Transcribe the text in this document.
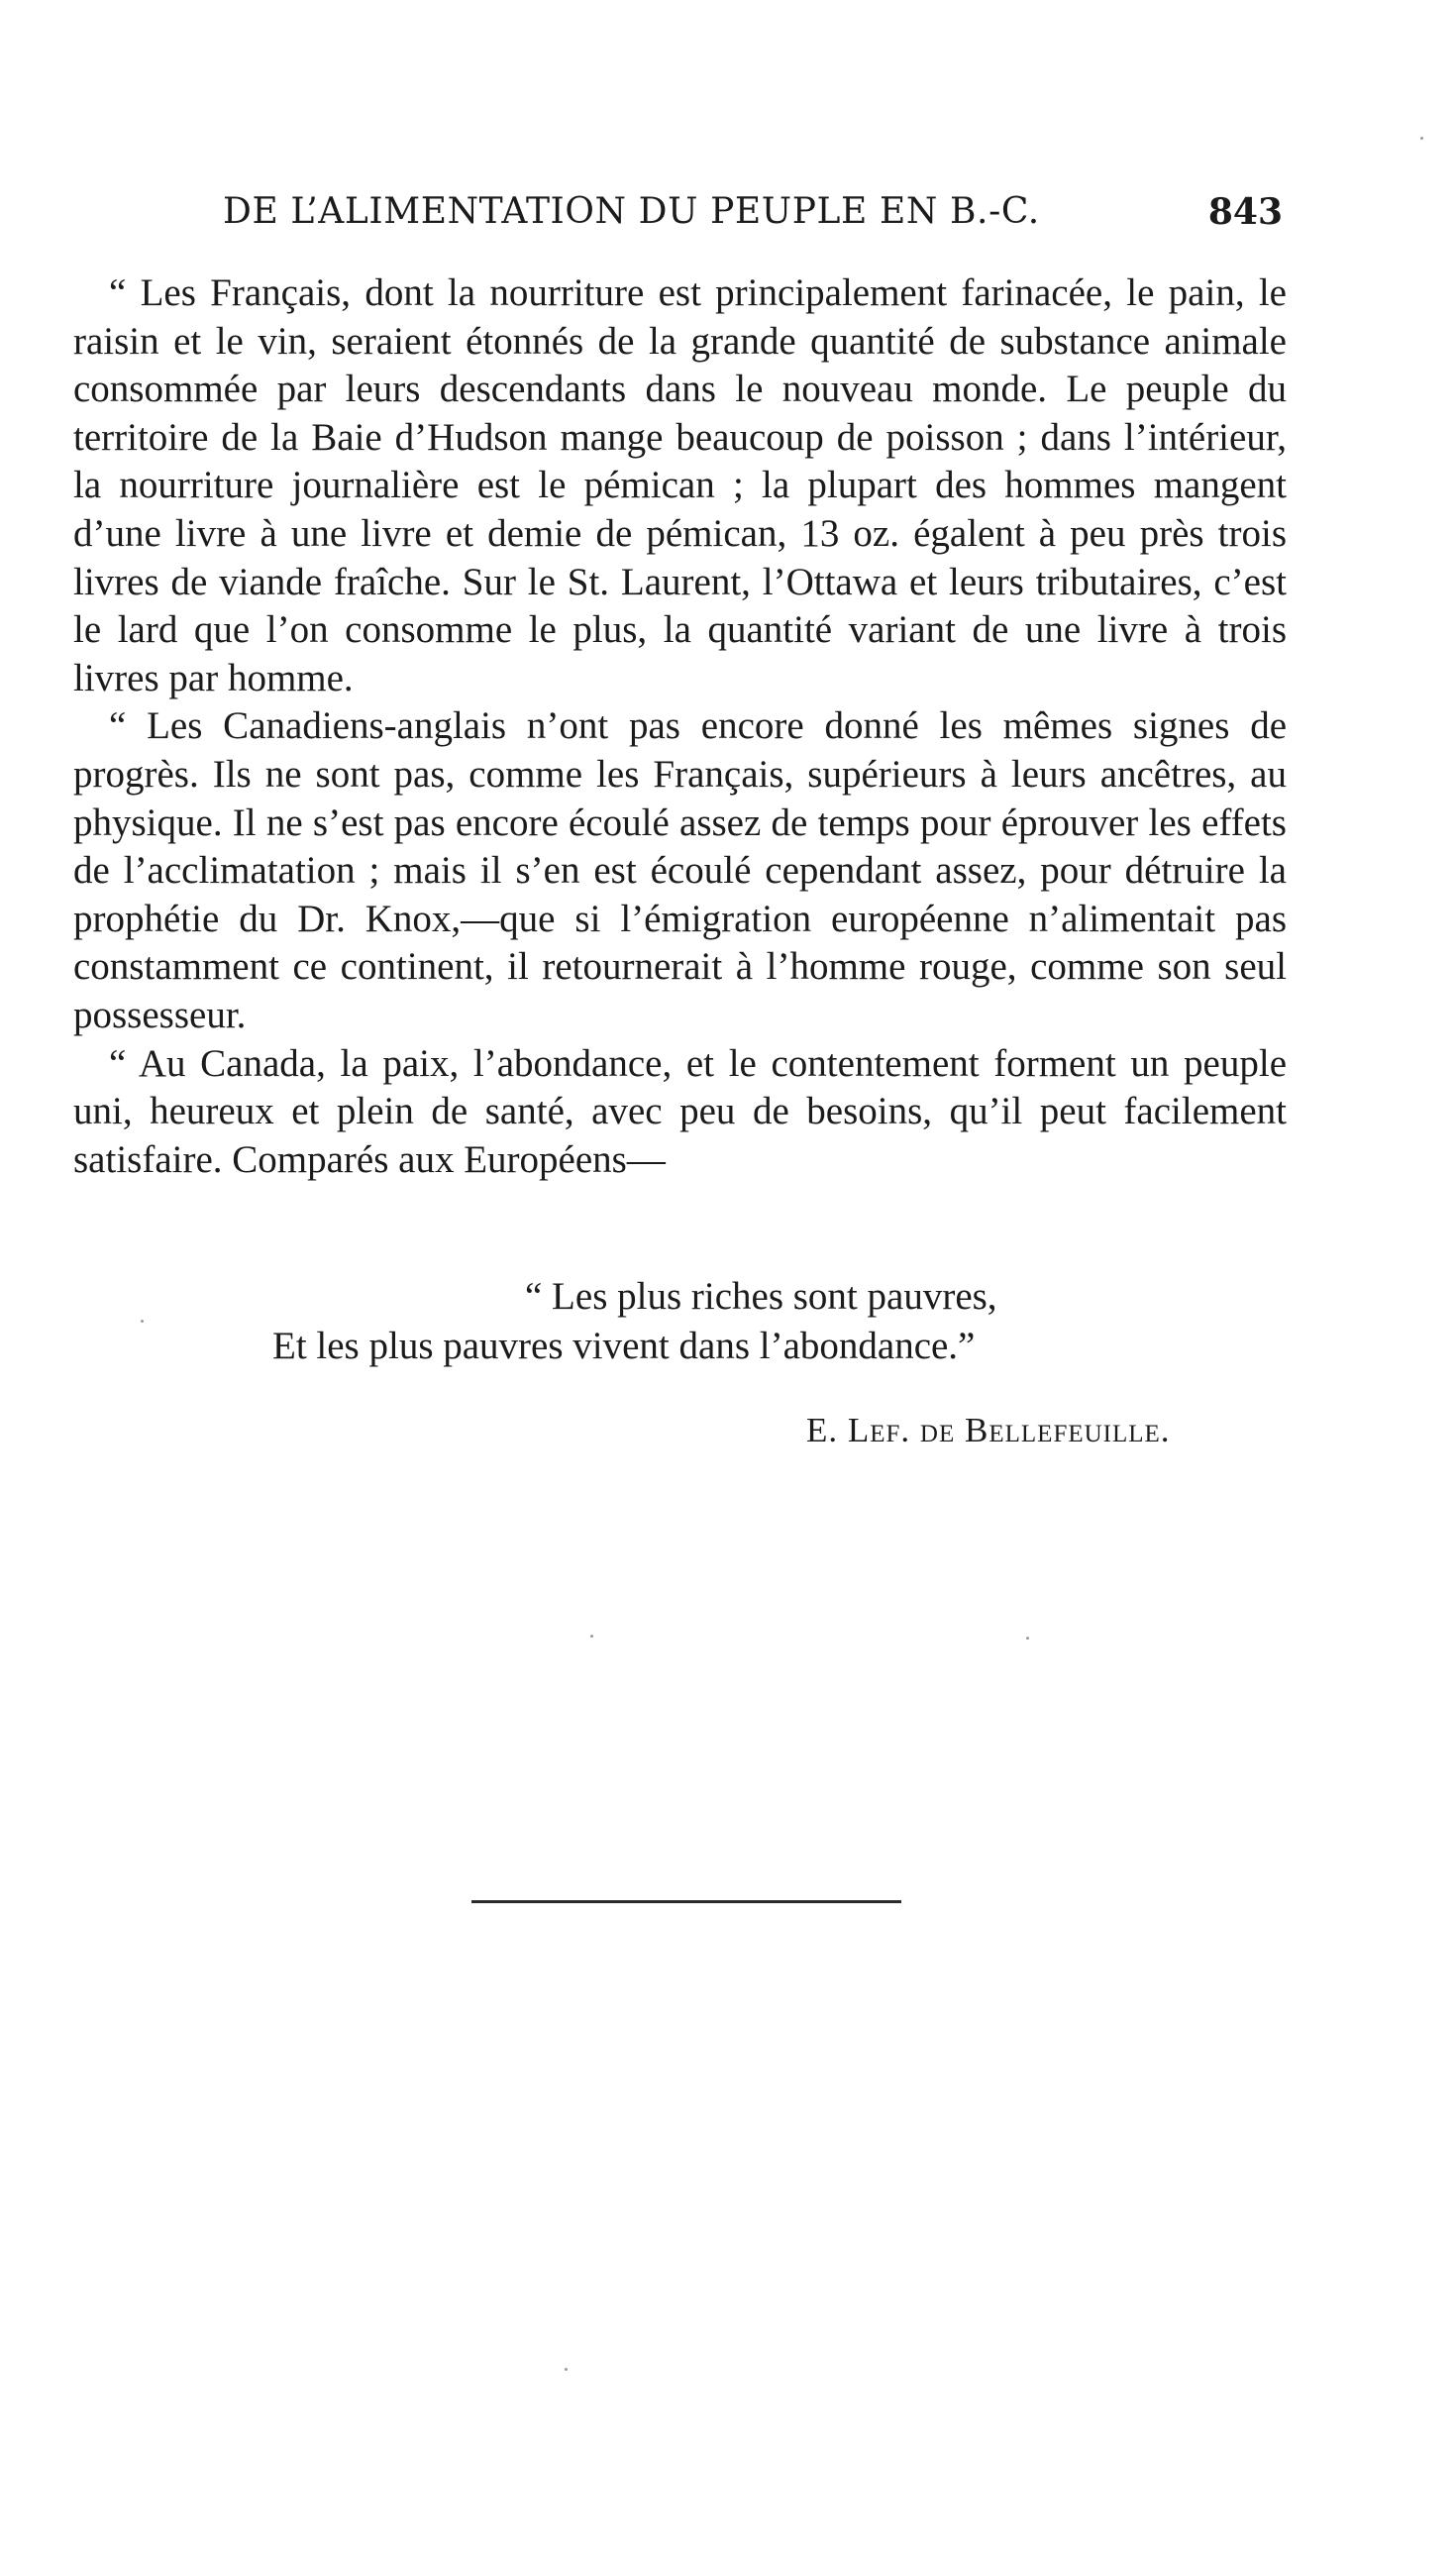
DE L’ALIMENTATION DU PEUPLE EN B.-C.	843

“ Les Français, dont la nourriture est principalement farinacée, le pain, le raisin et le vin, seraient étonnés de la grande quantité de substance animale consommée par leurs descendants dans le nouveau monde. Le peuple du territoire de la Baie d’Hudson mange beaucoup de poisson ; dans l’intérieur, la nourriture journalière est le pémican ; la plupart des hommes mangent d’une livre à une livre et demie de pémican, 13 oz. égalent à peu près trois livres de viande fraîche. Sur le St. Laurent, l’Ottawa et leurs tributaires, c’est le lard que l’on consomme le plus, la quantité variant de une livre à trois livres par homme.

“ Les Canadiens-anglais n’ont pas encore donné les mêmes signes de progrès. Ils ne sont pas, comme les Français, supérieurs à leurs ancêtres, au physique. Il ne s’est pas encore écoulé assez de temps pour éprouver les effets de l’acclimatation ; mais il s’en est écoulé cependant assez, pour détruire la prophétie du Dr. Knox,—que si l’émigration européenne n’alimentait pas constamment ce continent, il retournerait à l’homme rouge, comme son seul possesseur.

“ Au Canada, la paix, l’abondance, et le contentement forment un peuple uni, heureux et plein de santé, avec peu de besoins, qu’il peut facilement satisfaire. Comparés aux Européens—

“ Les plus riches sont pauvres,
Et les plus pauvres vivent dans l’abondance.”
E. Lef. de Bellefeuille.
